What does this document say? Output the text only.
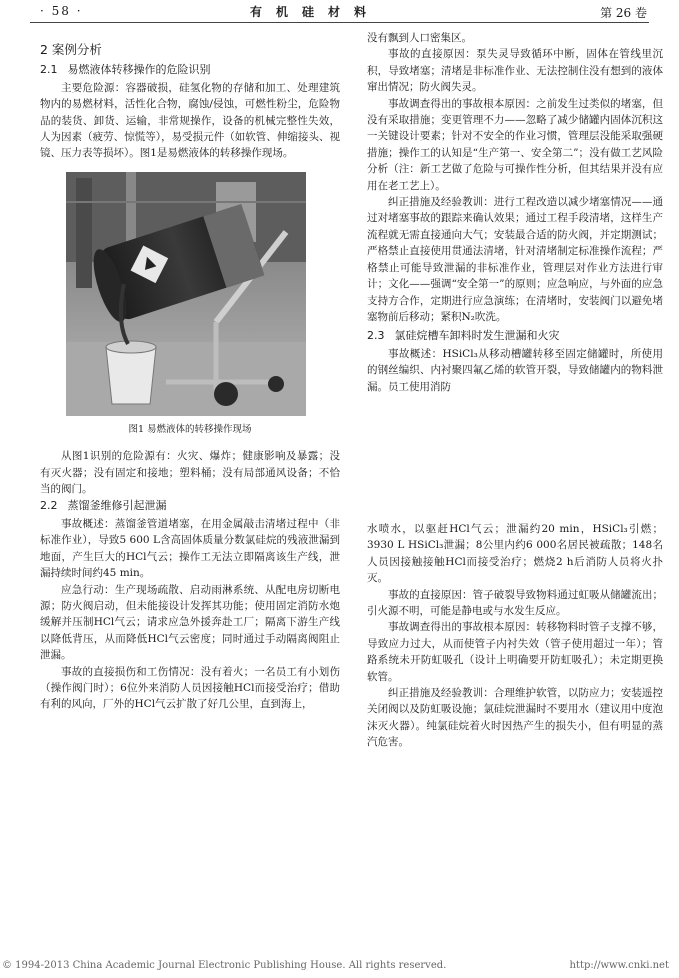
· 58 ·	有机硅材料	第 26 卷
2 案例分析
2.1 易燃液体转移操作的危险识别

主要危险源：容器破损，硅氢化物的存储和加工、处理建筑物内的易燃材料，活性化合物，腐蚀/侵蚀，可燃性粉尘，危险物品的装货、卸货、运输，非常规操作，设备的机械完整性失效，人为因素（疲劳、惊慌等），易受损元件（如软管、伸缩接头、视镜、压力表等损坏）。图1是易燃液体的转移操作现场。

图1 易燃液体的转移操作现场

从图1识别的危险源有：火灾、爆炸；健康影响及暴露；没有灭火器；没有固定和接地；塑料桶；没有局部通风设备；不恰当的阀门。

2.2 蒸馏釜维修引起泄漏

事故概述：蒸馏釜管道堵塞，在用金属敲击清堵过程中（非标准作业），导致5 600 L含高固体质量分数氯硅烷的残液泄漏到地面，产生巨大的HCl气云；操作工无法立即隔离该生产线，泄漏持续时间约45 min。

应急行动：生产现场疏散、启动雨淋系统、从配电房切断电源；防火阀启动，但未能接设计发挥其功能；使用固定消防水炮缓解并压制HCl气云；请求应急外援奔赴工厂；隔离下游生产线以降低背压，从而降低HCl气云密度；同时通过手动隔离阀阻止泄漏。

事故的直接损伤和工伤情况：没有着火；一名员工有小划伤（操作阀门时）；6位外来消防人员因接触HCl而接受治疗；借助有利的风向，厂外的HCl气云扩散了好几公里，直到海上，

没有飘到人口密集区。

事故的直接原因：泵失灵导致循环中断，固体在管线里沉积，导致堵塞；清堵是非标准作业、无法控制住没有想到的液体窜出情况；防火阀失灵。

事故调查得出的事故根本原因：之前发生过类似的堵塞，但没有采取措施；变更管理不力——忽略了减少储罐内固体沉积这一关键设计要素；针对不安全的作业习惯，管理层没能采取强硬措施；操作工的认知是“生产第一、安全第二”；没有做工艺风险分析（注：新工艺做了危险与可操作性分析，但其结果并没有应用在老工艺上）。

纠正措施及经验教训：进行工程改造以减少堵塞情况——通过对堵塞事故的跟踪来确认效果；通过工程手段清堵，这样生产流程就无需直接通向大气；安装最合适的防火阀，并定期测试；严格禁止直接使用贯通法清堵，针对清堵制定标准操作流程；严格禁止可能导致泄漏的非标准作业，管理层对作业方法进行审计；文化——强调“安全第一”的原则；应急响应，与外面的应急支持方合作，定期进行应急演练；在清堵时，安装阀门以避免堵塞物前后移动；紧积N₂吹洗。

2.3 氯硅烷槽车卸料时发生泄漏和火灾

事故概述：HSiCl₃从移动槽罐转移至固定储罐时，所使用的钢丝编织、内衬聚四氟乙烯的软管开裂，导致储罐内的物料泄漏。员工使用消防

水喷水，以驱赶HCl气云；泄漏约20 min，HSiCl₃引燃；3930 L HSiCl₃泄漏；8公里内约6 000名居民被疏散；148名人员因接触接触HCl而接受治疗；燃烧2 h后消防人员将火扑灭。

事故的直接原因：管子破裂导致物料通过虹吸从储罐流出；引火源不明，可能是静电或与水发生反应。

事故调查得出的事故根本原因：转移物料时管子支撑不够，导致应力过大，从而使管子内衬失效（管子使用超过一年）；管路系统未开防虹吸孔（设计上明确要开防虹吸孔）；未定期更换软管。

纠正措施及经验教训：合理维护软管，以防应力；安装遥控关闭阀以及防虹吸设施；氯硅烷泄漏时不要用水（建议用中度泡沫灭火器）。纯氯硅烷着火时因热产生的损失小，但有明显的蒸汽危害。

© 1994-2013 China Academic Journal Electronic Publishing House. All rights reserved.	http://www.cnki.net
